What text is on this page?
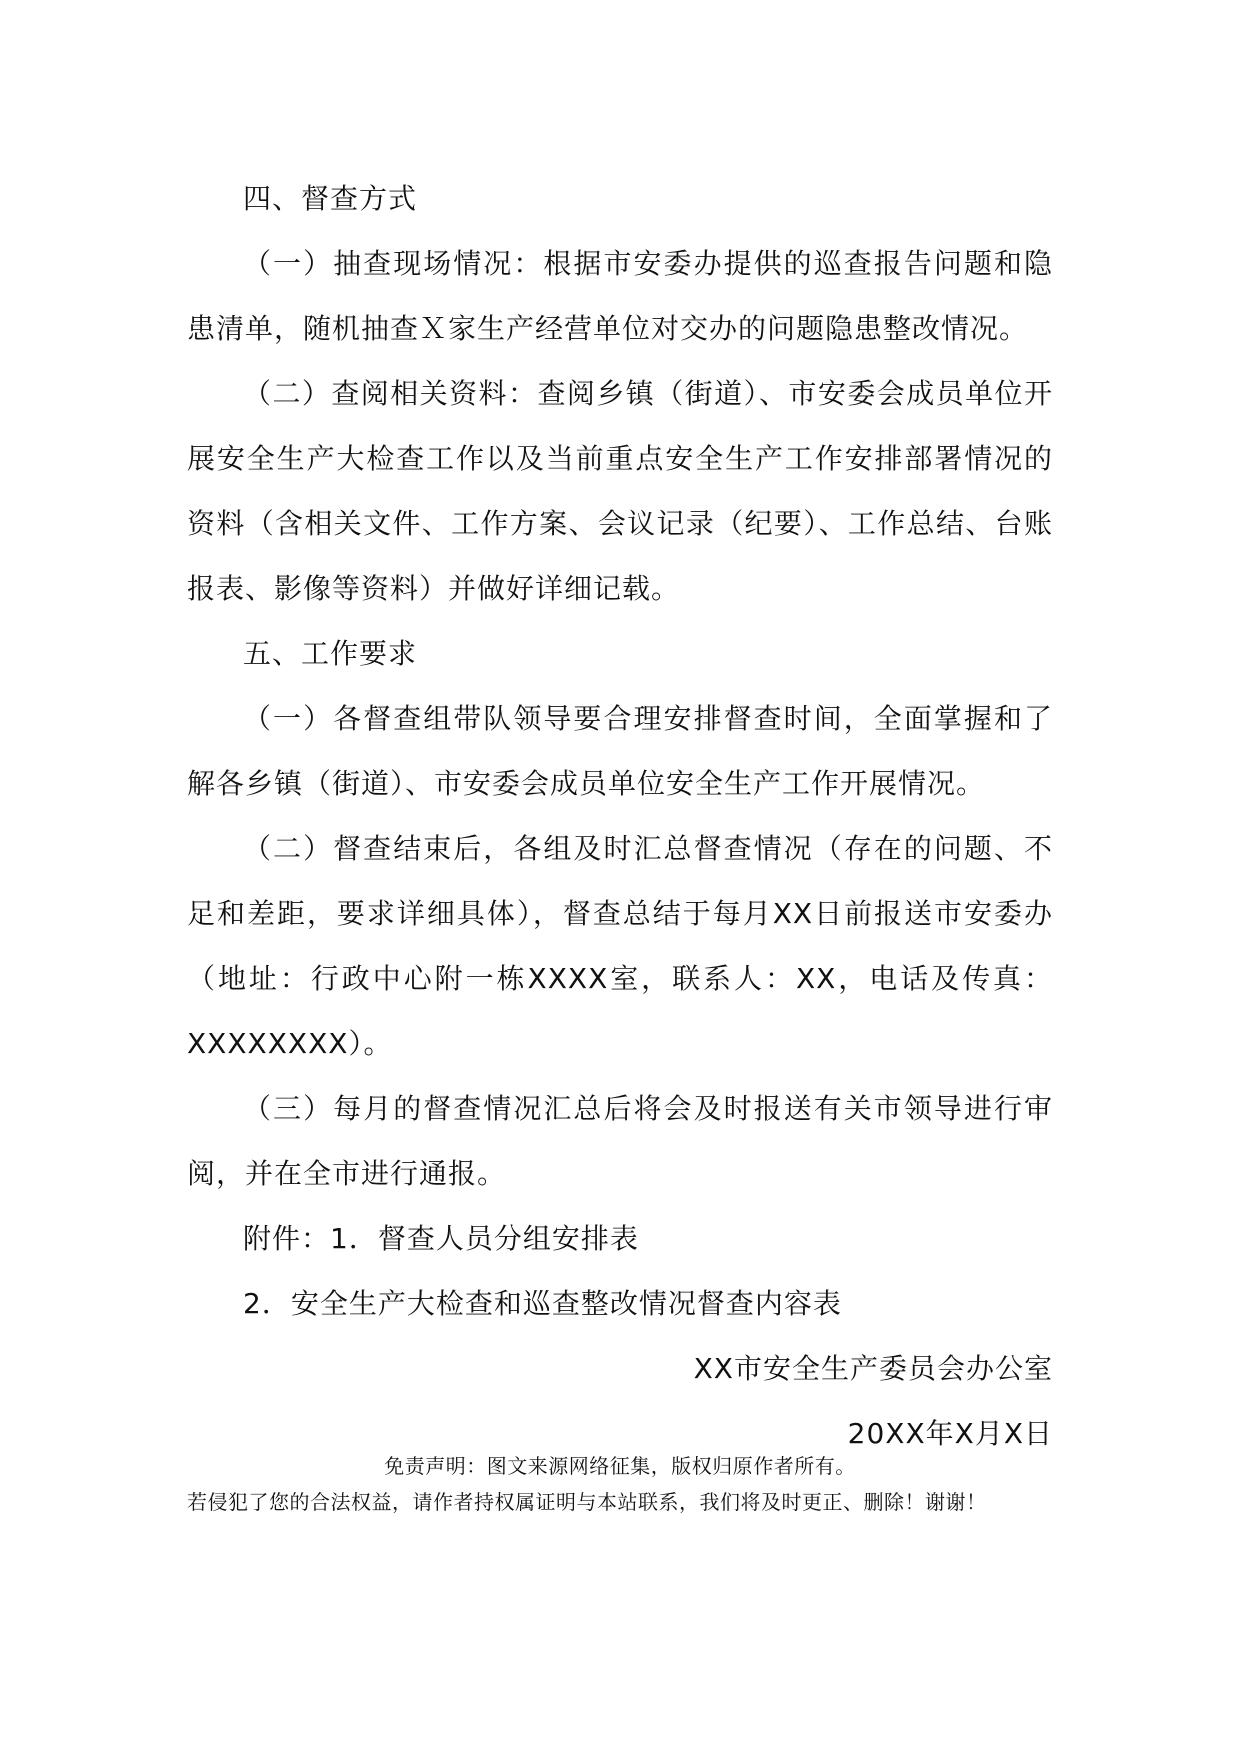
四、督查方式

（一）抽查现场情况：根据市安委办提供的巡查报告问题和隐患清单，随机抽查Ｘ家生产经营单位对交办的问题隐患整改情况。

（二）查阅相关资料：查阅乡镇（街道）、市安委会成员单位开展安全生产大检查工作以及当前重点安全生产工作安排部署情况的资料（含相关文件、工作方案、会议记录（纪要）、工作总结、台账报表、影像等资料）并做好详细记载。

五、工作要求

（一）各督查组带队领导要合理安排督查时间，全面掌握和了解各乡镇（街道）、市安委会成员单位安全生产工作开展情况。

（二）督查结束后，各组及时汇总督查情况（存在的问题、不足和差距，要求详细具体），督查总结于每月XX日前报送市安委办（地址：行政中心附一栋XXXX室，联系人：XX，电话及传真：XXXXXXXX）。

（三）每月的督查情况汇总后将会及时报送有关市领导进行审阅，并在全市进行通报。

附件：1．督查人员分组安排表

2．安全生产大检查和巡查整改情况督查内容表

XX市安全生产委员会办公室

20XX年X月X日

免责声明：图文来源网络征集，版权归原作者所有。
若侵犯了您的合法权益，请作者持权属证明与本站联系，我们将及时更正、删除！谢谢！
